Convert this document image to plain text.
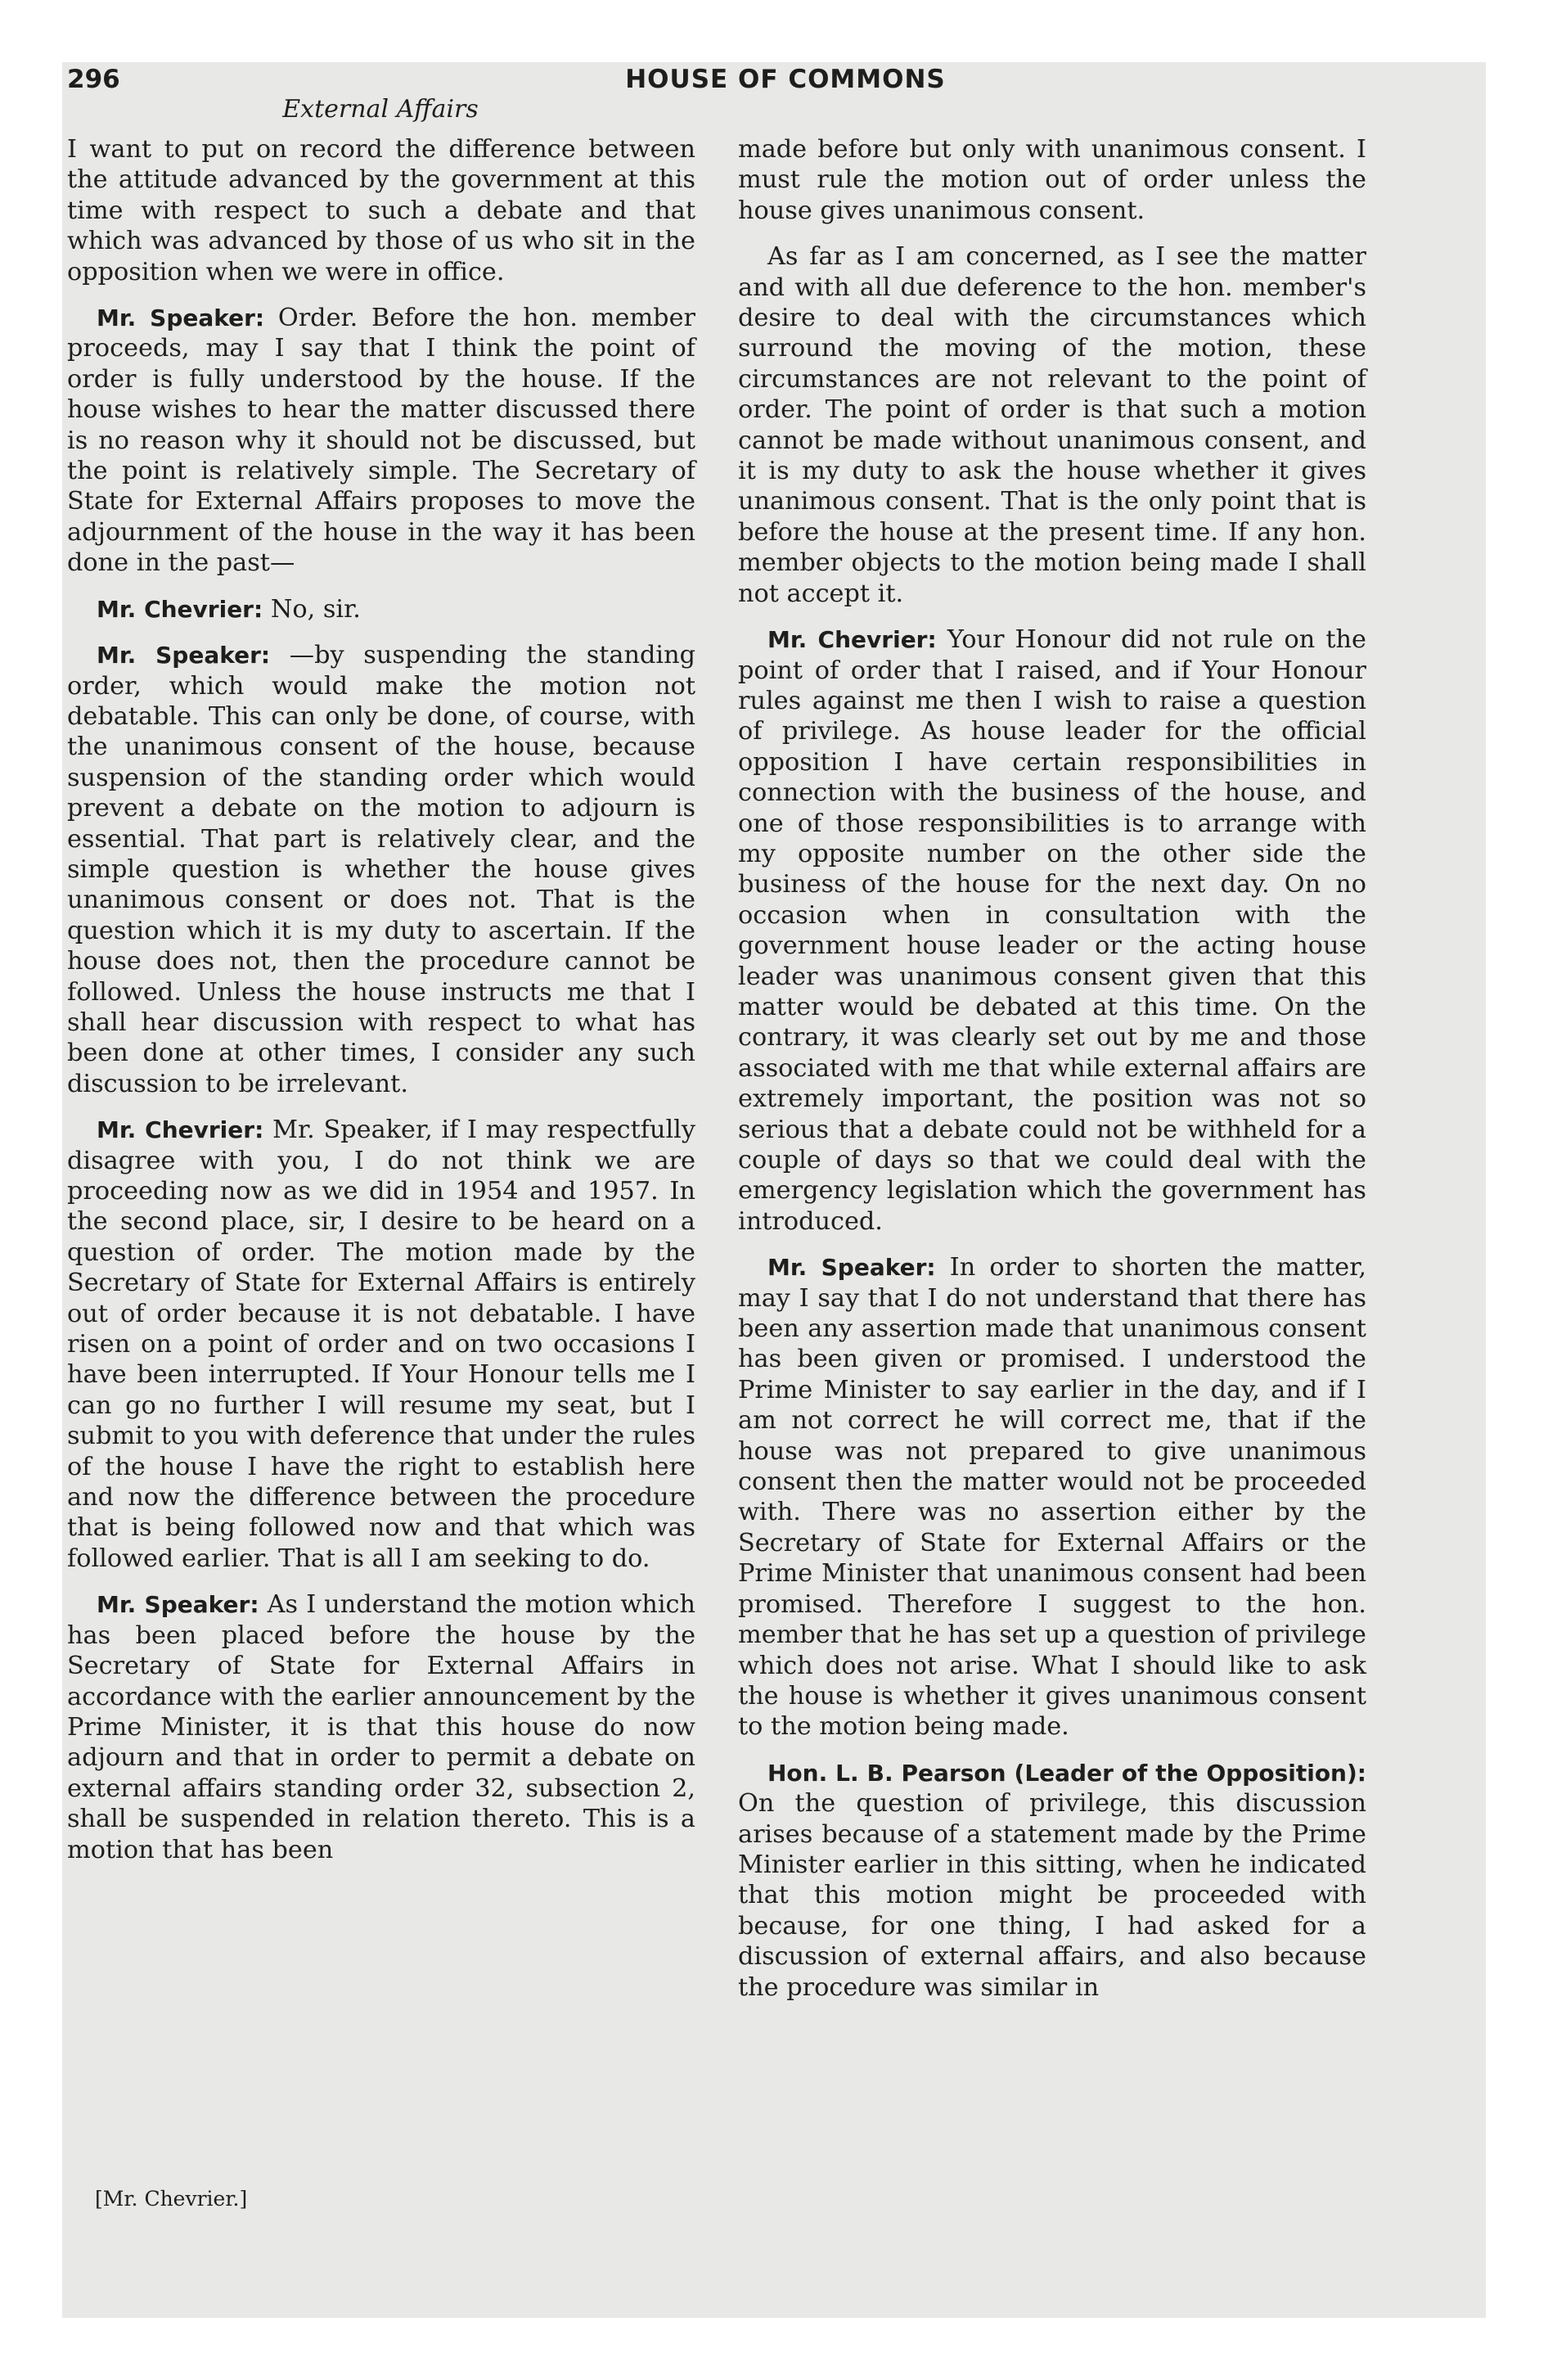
296	HOUSE OF COMMONS
External Affairs

I want to put on record the difference between the attitude advanced by the government at this time with respect to such a debate and that which was advanced by those of us who sit in the opposition when we were in office.

Mr. Speaker: Order. Before the hon. member proceeds, may I say that I think the point of order is fully understood by the house. If the house wishes to hear the matter discussed there is no reason why it should not be discussed, but the point is relatively simple. The Secretary of State for External Affairs proposes to move the adjournment of the house in the way it has been done in the past—

Mr. Chevrier: No, sir.

Mr. Speaker: —by suspending the standing order, which would make the motion not debatable. This can only be done, of course, with the unanimous consent of the house, because suspension of the standing order which would prevent a debate on the motion to adjourn is essential. That part is relatively clear, and the simple question is whether the house gives unanimous consent or does not. That is the question which it is my duty to ascertain. If the house does not, then the procedure cannot be followed. Unless the house instructs me that I shall hear discussion with respect to what has been done at other times, I consider any such discussion to be irrelevant.

Mr. Chevrier: Mr. Speaker, if I may respectfully disagree with you, I do not think we are proceeding now as we did in 1954 and 1957. In the second place, sir, I desire to be heard on a question of order. The motion made by the Secretary of State for External Affairs is entirely out of order because it is not debatable. I have risen on a point of order and on two occasions I have been interrupted. If Your Honour tells me I can go no further I will resume my seat, but I submit to you with deference that under the rules of the house I have the right to establish here and now the difference between the procedure that is being followed now and that which was followed earlier. That is all I am seeking to do.

Mr. Speaker: As I understand the motion which has been placed before the house by the Secretary of State for External Affairs in accordance with the earlier announcement by the Prime Minister, it is that this house do now adjourn and that in order to permit a debate on external affairs standing order 32, subsection 2, shall be suspended in relation thereto. This is a motion that has been

made before but only with unanimous consent. I must rule the motion out of order unless the house gives unanimous consent.

As far as I am concerned, as I see the matter and with all due deference to the hon. member's desire to deal with the circumstances which surround the moving of the motion, these circumstances are not relevant to the point of order. The point of order is that such a motion cannot be made without unanimous consent, and it is my duty to ask the house whether it gives unanimous consent. That is the only point that is before the house at the present time. If any hon. member objects to the motion being made I shall not accept it.

Mr. Chevrier: Your Honour did not rule on the point of order that I raised, and if Your Honour rules against me then I wish to raise a question of privilege. As house leader for the official opposition I have certain responsibilities in connection with the business of the house, and one of those responsibilities is to arrange with my opposite number on the other side the business of the house for the next day. On no occasion when in consultation with the government house leader or the acting house leader was unanimous consent given that this matter would be debated at this time. On the contrary, it was clearly set out by me and those associated with me that while external affairs are extremely important, the position was not so serious that a debate could not be withheld for a couple of days so that we could deal with the emergency legislation which the government has introduced.

Mr. Speaker: In order to shorten the matter, may I say that I do not understand that there has been any assertion made that unanimous consent has been given or promised. I understood the Prime Minister to say earlier in the day, and if I am not correct he will correct me, that if the house was not prepared to give unanimous consent then the matter would not be proceeded with. There was no assertion either by the Secretary of State for External Affairs or the Prime Minister that unanimous consent had been promised. Therefore I suggest to the hon. member that he has set up a question of privilege which does not arise. What I should like to ask the house is whether it gives unanimous consent to the motion being made.

Hon. L. B. Pearson (Leader of the Opposition): On the question of privilege, this discussion arises because of a statement made by the Prime Minister earlier in this sitting, when he indicated that this motion might be proceeded with because, for one thing, I had asked for a discussion of external affairs, and also because the procedure was similar in

[Mr. Chevrier.]
